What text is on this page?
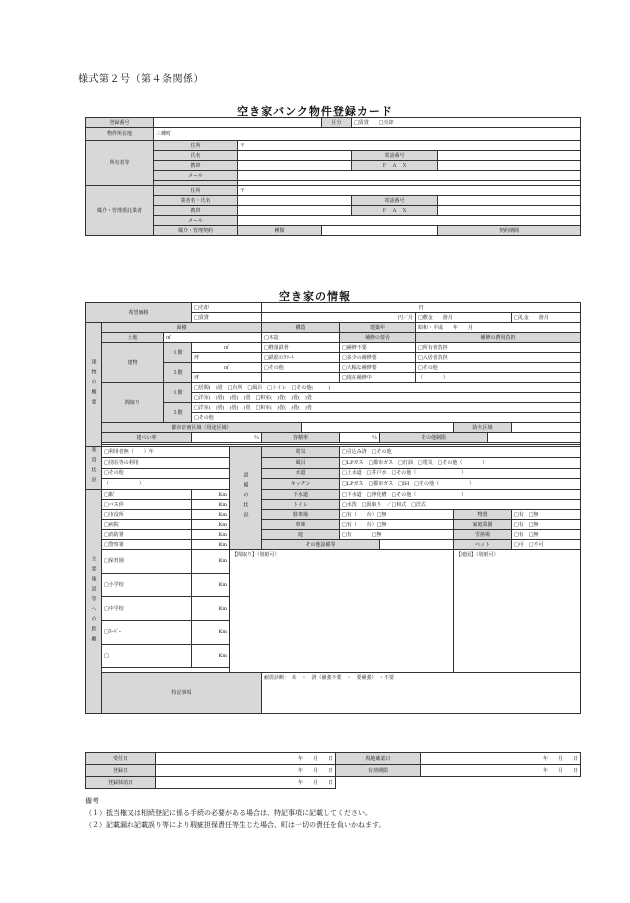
様式第２号（第４条関係）
空き家バンク物件登録カード
登録番号			区分	□賃貸　　 □売却	
物件所在地	三種町				
所有者等	住所	〒			
	氏名			電話番号	
	携帯			Ｆ　Ａ　Ｘ	
	メール				

媒介・管理委託業者	住所	〒			
	業者名・氏名			電話番号	
	携帯			Ｆ　Ａ　Ｘ	
	メール				
	媒介・管理契約	種類			契約期間
空き家の情報
希望価格			□売却		円							
			□賃貸		円／月				□敷金　　箇月			□礼金　　箇月
建物の概要	面積				構造		建築年		昭和・平成　　年　　月			
	土地	㎡			□木造		補修の要否		補修の費用負担			
	建物	１階	㎡		□軽量鉄骨		□補修不要		□所有者負担			
			坪		□鉄筋ｺﾝｸﾘｰﾄ		□多少の補修要		□入居者負担			
		２階	㎡		□その他		□大幅な補修要		□その他			
			坪				□現在補修中		（　　　　）			
	間取り	１階	□居間(　)畳　□台所　□風呂　□トイレ　□その他(　　　)									
			□洋室(　)畳(　)畳(　)畳　□和室(　)畳(　)畳(　)畳									
		２階	□洋室(　)畳(　)畳(　)畳　□和室(　)畳(　)畳(　)畳									
			□その他									
	都市計画区域（用途区域）									防火区域		
	建ぺい率		％		容積率		％	その他制限				

利用状況	□利用者無（　　）年			設備の状況	電気		□引込み済　□その他					
	□別荘等の利用				風呂		□LPガス　□都市ガス　□灯油　□電気　□その他（　　　　）					
	□その他				水道		□上水道　□井戸水　□その他（　　　　　　　　　）					
	（　　　　　　）				キッチン		□LPガス　□都市ガス　□IH　□その他（　　　　　　）					
主要施設等への距離	□駅		Km		下水道		□下水道　□浄化槽　□その他（　　　　　　　　　）					
	□バス停		Km		トイレ		□水洗　□汲取り　／□和式　□洋式					
	□市役所		Km		駐車場		□有（　　台）□無			物置		□有　□無
	□病院		Km		車庫		□有（　　台）□無			家庭菜園		□有　□無
	□消防署		Km		庭		□有　　　　□無			雪捨場		□有　□無
	□警察署		Km		その他設備等					ペット		□可　□不可
	□保育園		Km	【間取り】（別紙可）						【地図】（別紙可）		
	□小学校		Km									
	□中学校		Km									
	□ｽｰﾊﾟｰ		Km									
	□		Km									

	特記事項				耐震診断：　未　・　済（補強不要　・　要補強）　・不要							
受付日	年　　月　　日	現地確認日	年　　月　　日
登録日	年　　月　　日	有効期限	年　　月　　日
登録抹消日	年　　月　　日		
備考
（１）抵当権又は相続登記に係る手続の必要がある場合は、特記事項に記載してください。
（２）記載漏れ記載誤り等により瑕疵担保責任等生じた場合、町は一切の責任を負いかねます。
